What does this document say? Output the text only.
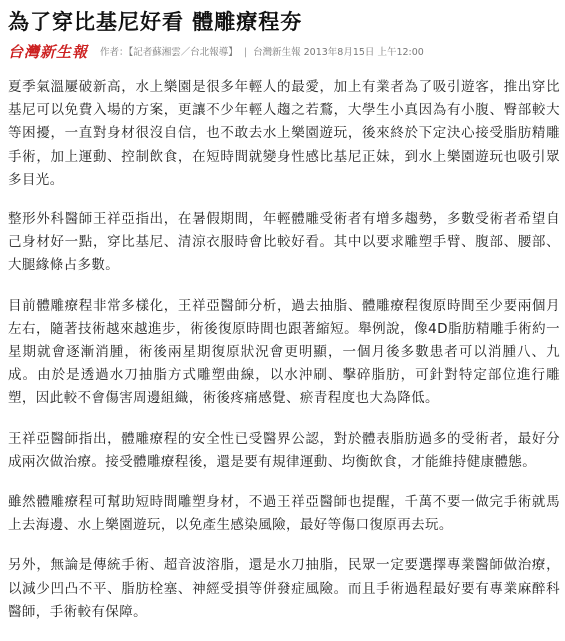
為了穿比基尼好看 體雕療程夯
台灣新生報 作者：【記者蘇湘雲／台北報導】 | 台灣新生報 2013年8月15日 上午12:00

夏季氣溫屢破新高，水上樂園是很多年輕人的最愛，加上有業者為了吸引遊客，推出穿比基尼可以免費入場的方案，更讓不少年輕人趨之若鶩，大學生小真因為有小腹、臀部較大等困擾，一直對身材很沒自信，也不敢去水上樂園遊玩，後來終於下定決心接受脂肪精雕手術，加上運動、控制飲食，在短時間就變身性感比基尼正妹，到水上樂園遊玩也吸引眾多目光。

整形外科醫師王祥亞指出，在暑假期間，年輕體雕受術者有增多趨勢，多數受術者希望自己身材好一點，穿比基尼、清涼衣服時會比較好看。其中以要求雕塑手臂、腹部、腰部、大腿緣條占多數。

目前體雕療程非常多樣化，王祥亞醫師分析，過去抽脂、體雕療程復原時間至少要兩個月左右，隨著技術越來越進步，術後復原時間也跟著縮短。舉例說，像4D脂肪精雕手術約一星期就會逐漸消腫，術後兩星期復原狀況會更明顯，一個月後多數患者可以消腫八、九成。由於是透過水刀抽脂方式雕塑曲線，以水沖刷、擊碎脂肪，可針對特定部位進行雕塑，因此較不會傷害周邊組織，術後疼痛感覺、瘀青程度也大為降低。

王祥亞醫師指出，體雕療程的安全性已受醫界公認，對於體表脂肪過多的受術者，最好分成兩次做治療。接受體雕療程後，還是要有規律運動、均衡飲食，才能維持健康體態。

雖然體雕療程可幫助短時間雕塑身材，不過王祥亞醫師也提醒，千萬不要一做完手術就馬上去海邊、水上樂園遊玩，以免產生感染風險，最好等傷口復原再去玩。

另外，無論是傳統手術、超音波溶脂，還是水刀抽脂，民眾一定要選擇專業醫師做治療，以減少凹凸不平、脂肪栓塞、神經受損等併發症風險。而且手術過程最好要有專業麻醉科醫師，手術較有保障。
